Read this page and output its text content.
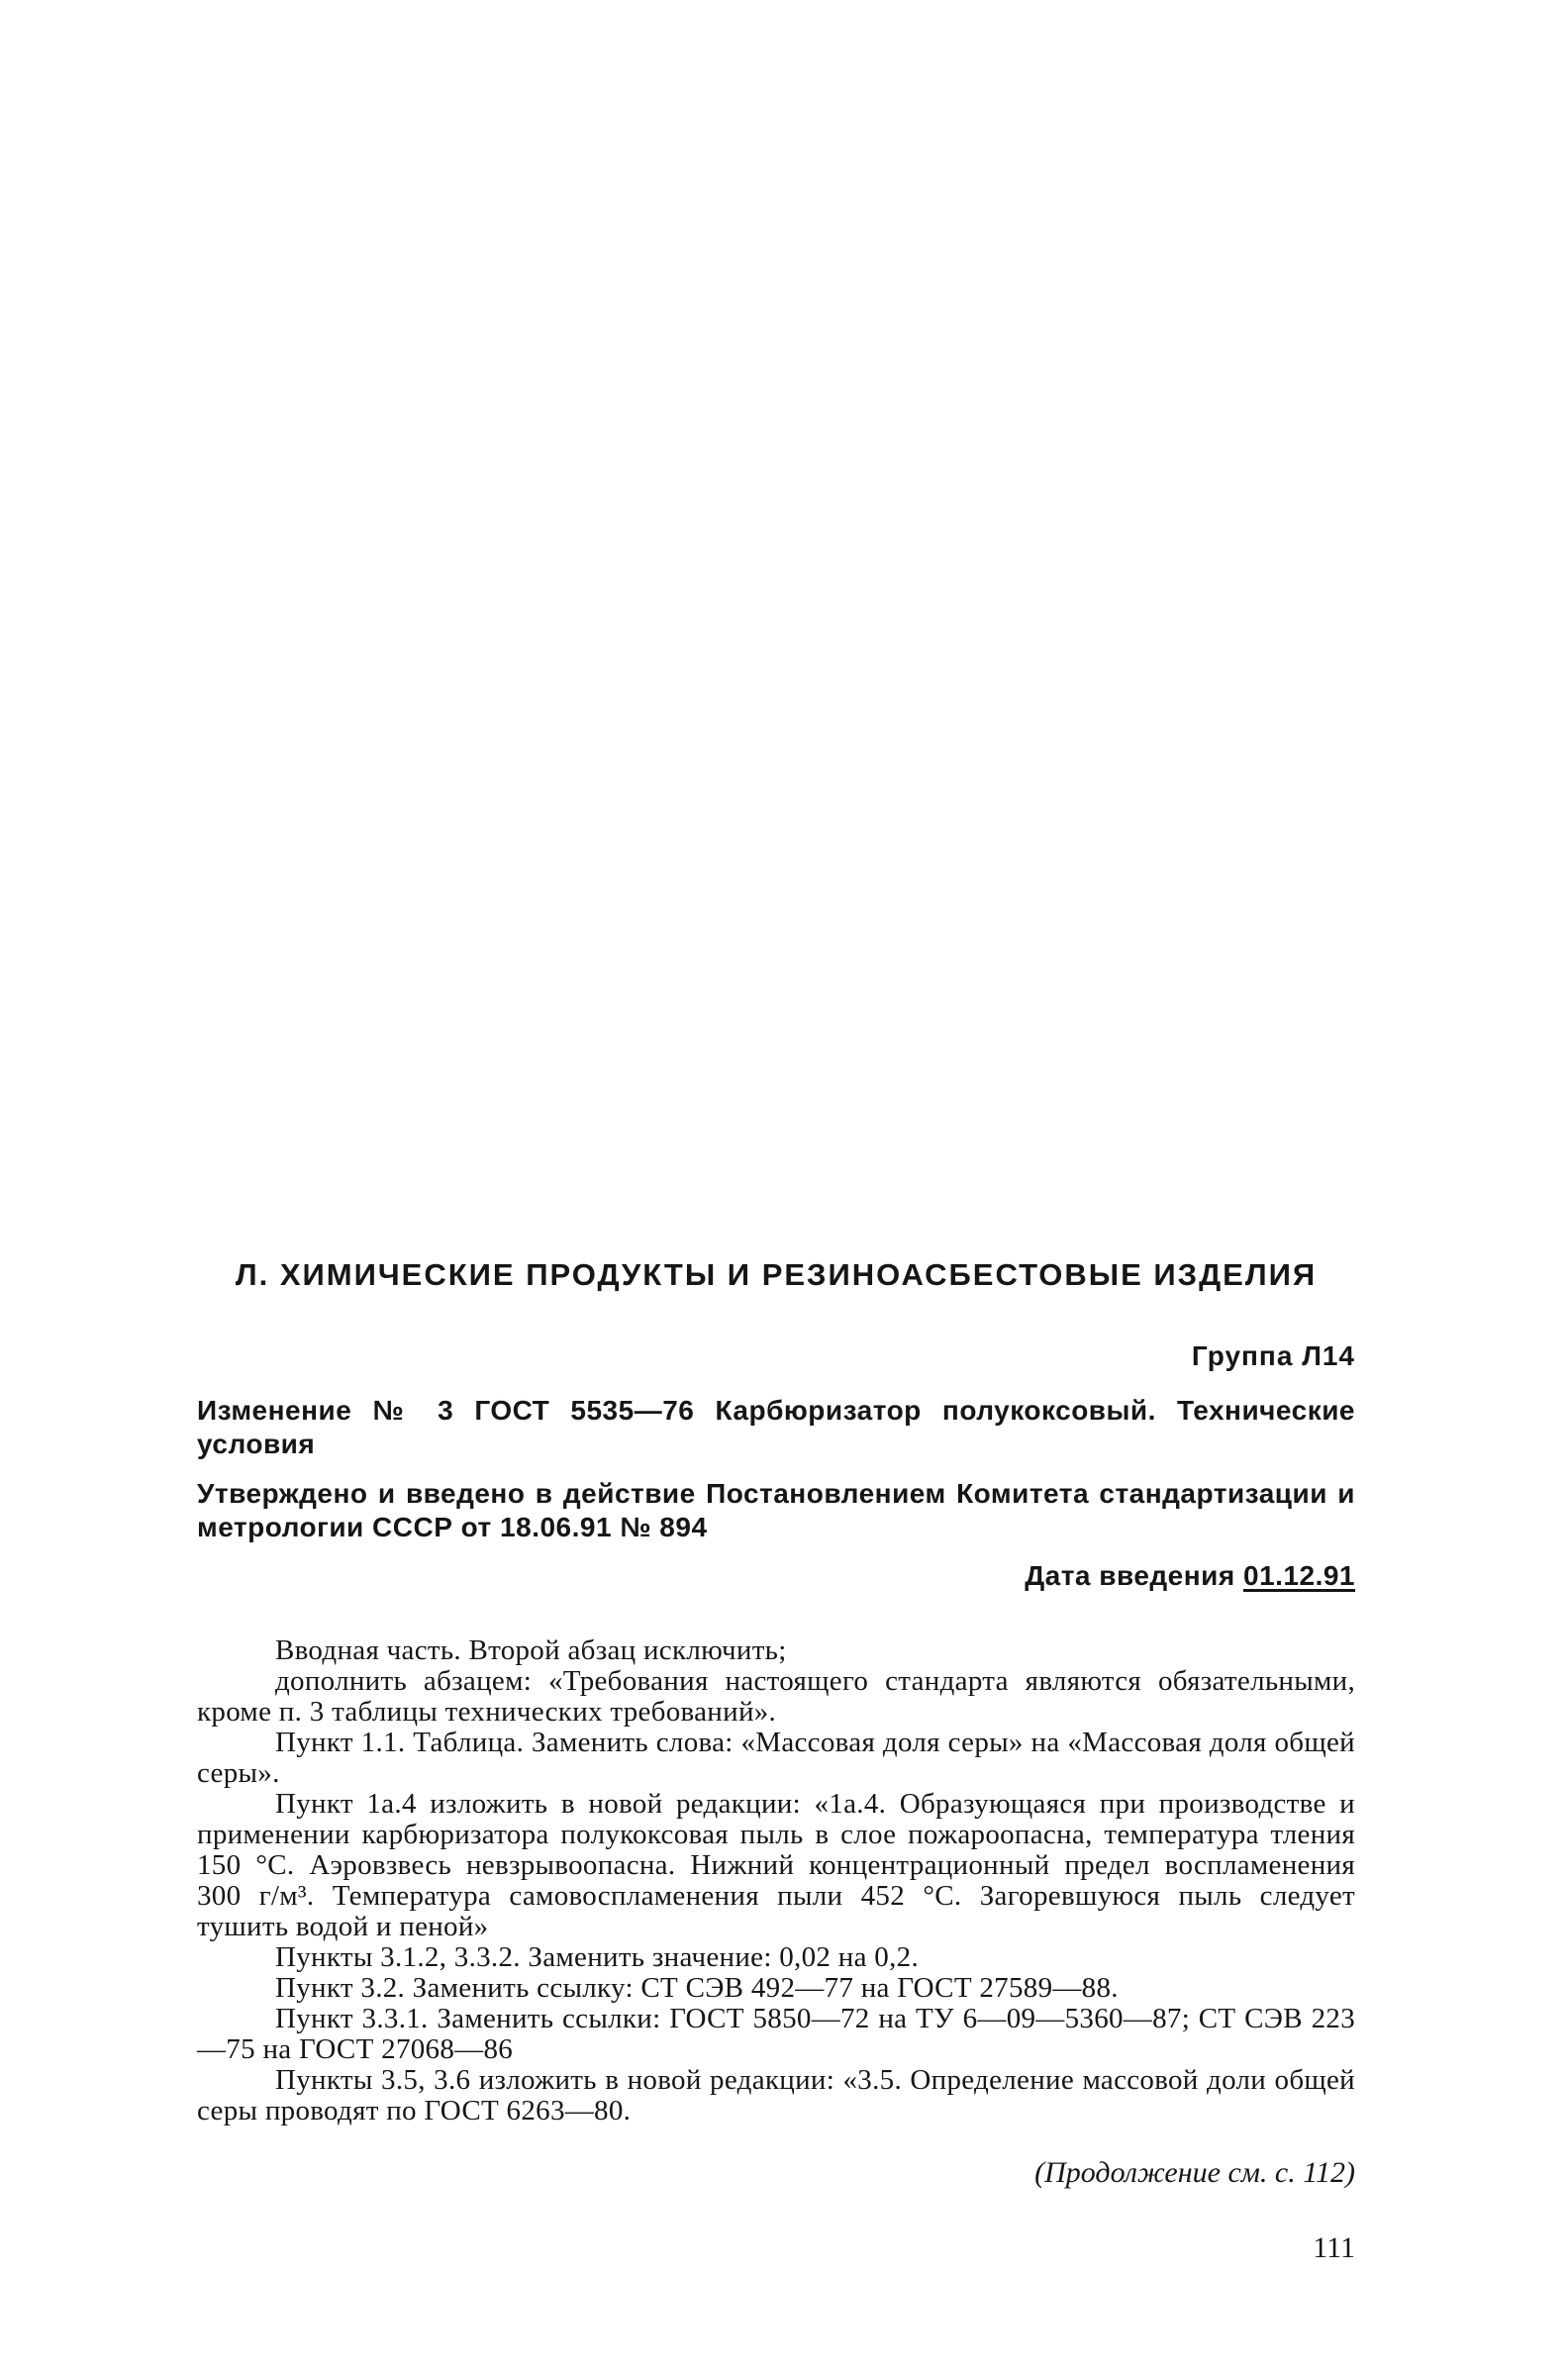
Л. ХИМИЧЕСКИЕ ПРОДУКТЫ И РЕЗИНОАСБЕСТОВЫЕ ИЗДЕЛИЯ
Группа Л14
Изменение № 3 ГОСТ 5535—76 Карбюризатор полукоксовый. Технические условия
Утверждено и введено в действие Постановлением Комитета стандартизации и метрологии СССР от 18.06.91 № 894
Дата введения 01.12.91

Вводная часть. Второй абзац исключить;

дополнить абзацем: «Требования настоящего стандарта являются обязательными, кроме п. 3 таблицы технических требований».

Пункт 1.1. Таблица. Заменить слова: «Массовая доля серы» на «Массовая доля общей серы».

Пункт 1а.4 изложить в новой редакции: «1а.4. Образующаяся при производстве и применении карбюризатора полукоксовая пыль в слое пожароопасна, температура тления 150 °С. Аэровзвесь невзрывоопасна. Нижний концентрационный предел воспламенения 300 г/м³. Температура самовоспламенения пыли 452 °С. Загоревшуюся пыль следует тушить водой и пеной»

Пункты 3.1.2, 3.3.2. Заменить значение: 0,02 на 0,2.

Пункт 3.2. Заменить ссылку: СТ СЭВ 492—77 на ГОСТ 27589—88.

Пункт 3.3.1. Заменить ссылки: ГОСТ 5850—72 на ТУ 6—09—5360—87; СТ СЭВ 223—75 на ГОСТ 27068—86

Пункты 3.5, 3.6 изложить в новой редакции: «3.5. Определение массовой доли общей серы проводят по ГОСТ 6263—80.

(Продолжение см. с. 112)
111
